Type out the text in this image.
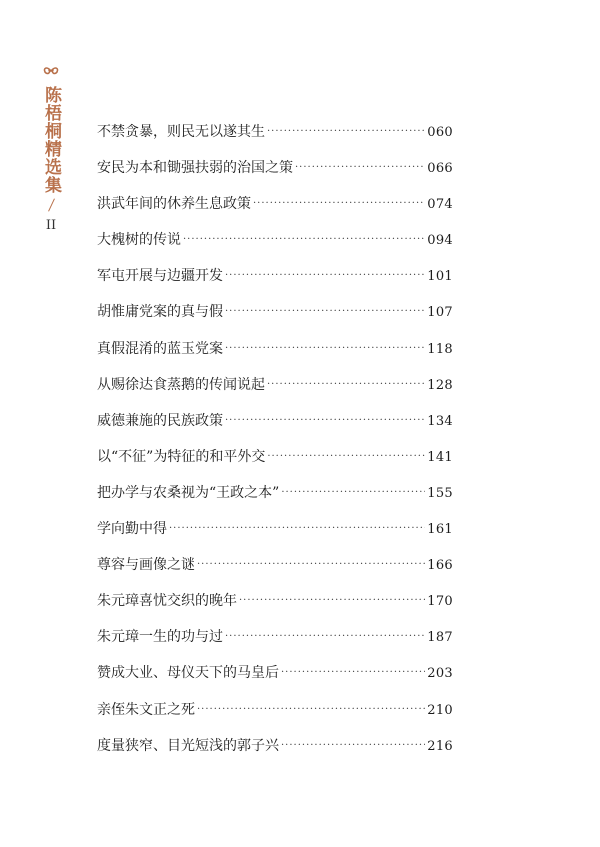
陈梧桐精选集
II
不禁贪暴，则民无以遂其生 ·····	060
安民为本和锄强扶弱的治国之策 ·····	066
洪武年间的休养生息政策 ·····	074
大槐树的传说 ·····	094
军屯开展与边疆开发 ·····	101
胡惟庸党案的真与假 ·····	107
真假混淆的蓝玉党案 ·····	118
从赐徐达食蒸鹅的传闻说起 ·····	128
威德兼施的民族政策 ·····	134
以“不征”为特征的和平外交 ·····	141
把办学与农桑视为“王政之本” ·····	155
学向勤中得 ·····	161
尊容与画像之谜 ·····	166
朱元璋喜忧交织的晚年 ·····	170
朱元璋一生的功与过 ·····	187
赞成大业、母仪天下的马皇后 ·····	203
亲侄朱文正之死 ·····	210
度量狭窄、目光短浅的郭子兴 ·····	216
